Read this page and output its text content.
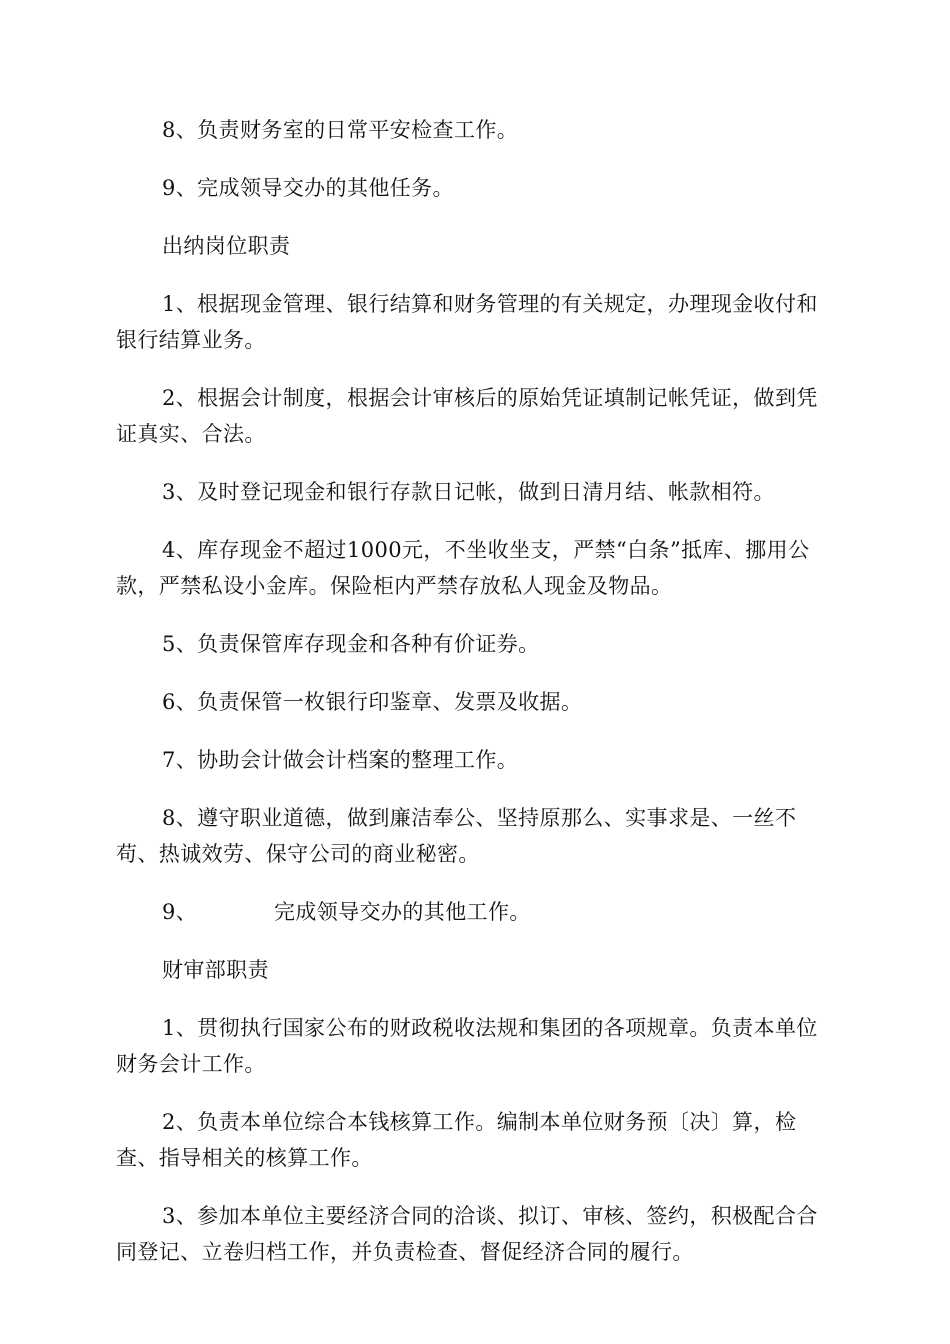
8、负责财务室的日常平安检查工作。

9、完成领导交办的其他任务。

出纳岗位职责

1、根据现金管理、银行结算和财务管理的有关规定，办理现金收付和银行结算业务。

2、根据会计制度，根据会计审核后的原始凭证填制记帐凭证，做到凭证真实、合法。

3、及时登记现金和银行存款日记帐，做到日清月结、帐款相符。

4、库存现金不超过1000元，不坐收坐支，严禁“白条”抵库、挪用公款，严禁私设小金库。保险柜内严禁存放私人现金及物品。

5、负责保管库存现金和各种有价证券。

6、负责保管一枚银行印鉴章、发票及收据。

7、协助会计做会计档案的整理工作。

8、遵守职业道德，做到廉洁奉公、坚持原那么、实事求是、一丝不苟、热诚效劳、保守公司的商业秘密。

9、	完成领导交办的其他工作。

财审部职责

1、贯彻执行国家公布的财政税收法规和集团的各项规章。负责本单位财务会计工作。

2、负责本单位综合本钱核算工作。编制本单位财务预〔决〕算，检查、指导相关的核算工作。

3、参加本单位主要经济合同的洽谈、拟订、审核、签约，积极配合合同登记、立卷归档工作，并负责检查、督促经济合同的履行。
